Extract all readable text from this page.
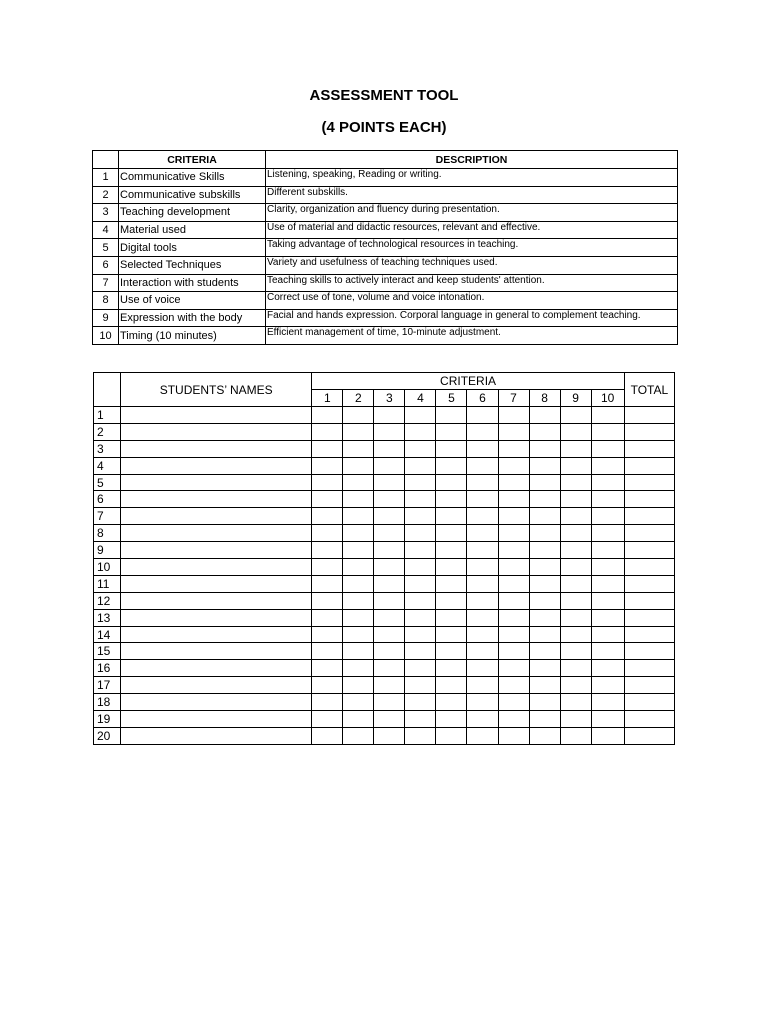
ASSESSMENT TOOL
(4 POINTS EACH)
	CRITERIA	DESCRIPTION
1	Communicative Skills	Listening, speaking, Reading or writing.
2	Communicative subskills	Different subskills.
3	Teaching development	Clarity, organization and fluency during presentation.
4	Material used	Use of material and didactic resources, relevant and effective.
5	Digital tools	Taking advantage of technological resources in teaching.
6	Selected Techniques	Variety and usefulness of teaching techniques used.
7	Interaction with students	Teaching skills to actively interact and keep students' attention.
8	Use of voice	Correct use of tone, volume and voice intonation.
9	Expression with the body	Facial and hands expression. Corporal language in general to complement teaching.
10	Timing (10 minutes)	Efficient management of time, 10-minute adjustment.
	STUDENTS’ NAMES	CRITERIA										TOTAL
		1	2	3	4	5	6	7	8	9	10	
1												
2												
3												
4												
5												
6												
7												
8												
9												
10												
11												
12												
13												
14												
15												
16												
17												
18												
19												
20												
